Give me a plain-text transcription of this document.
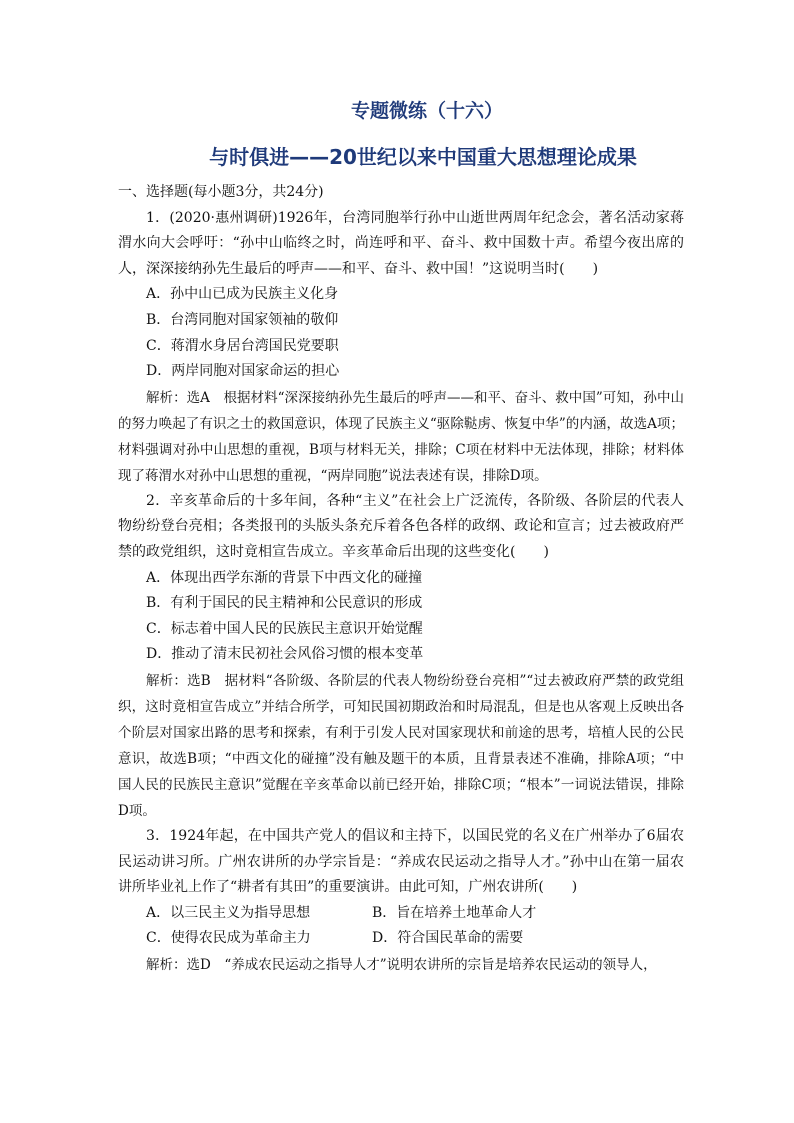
专题微练（十六）
与时俱进——20世纪以来中国重大思想理论成果
一、选择题(每小题3分，共24分)
1．(2020·惠州调研)1926年，台湾同胞举行孙中山逝世两周年纪念会，著名活动家蒋渭水向大会呼吁：“孙中山临终之时，尚连呼和平、奋斗、救中国数十声。希望今夜出席的人，深深接纳孙先生最后的呼声——和平、奋斗、救中国！”这说明当时(　　)
A．孙中山已成为民族主义化身
B．台湾同胞对国家领袖的敬仰
C．蒋渭水身居台湾国民党要职
D．两岸同胞对国家命运的担心
解析：选A　根据材料“深深接纳孙先生最后的呼声——和平、奋斗、救中国”可知，孙中山的努力唤起了有识之士的救国意识，体现了民族主义“驱除鞑虏、恢复中华”的内涵，故选A项；材料强调对孙中山思想的重视，B项与材料无关，排除；C项在材料中无法体现，排除；材料体现了蒋渭水对孙中山思想的重视，“两岸同胞”说法表述有误，排除D项。
2．辛亥革命后的十多年间，各种“主义”在社会上广泛流传，各阶级、各阶层的代表人物纷纷登台亮相；各类报刊的头版头条充斥着各色各样的政纲、政论和宣言；过去被政府严禁的政党组织，这时竟相宣告成立。辛亥革命后出现的这些变化(　　)
A．体现出西学东渐的背景下中西文化的碰撞
B．有利于国民的民主精神和公民意识的形成
C．标志着中国人民的民族民主意识开始觉醒
D．推动了清末民初社会风俗习惯的根本变革
解析：选B　据材料“各阶级、各阶层的代表人物纷纷登台亮相”“过去被政府严禁的政党组织，这时竟相宣告成立”并结合所学，可知民国初期政治和时局混乱，但是也从客观上反映出各个阶层对国家出路的思考和探索，有利于引发人民对国家现状和前途的思考，培植人民的公民意识，故选B项；“中西文化的碰撞”没有触及题干的本质，且背景表述不准确，排除A项；“中国人民的民族民主意识”觉醒在辛亥革命以前已经开始，排除C项；“根本”一词说法错误，排除D项。
3．1924年起，在中国共产党人的倡议和主持下，以国民党的名义在广州举办了6届农民运动讲习所。广州农讲所的办学宗旨是：“养成农民运动之指导人才。”孙中山在第一届农讲所毕业礼上作了“耕者有其田”的重要演讲。由此可知，广州农讲所(　　)
A．以三民主义为指导思想	B．旨在培养土地革命人才
C．使得农民成为革命主力	D．符合国民革命的需要
解析：选D　“养成农民运动之指导人才”说明农讲所的宗旨是培养农民运动的领导人，
